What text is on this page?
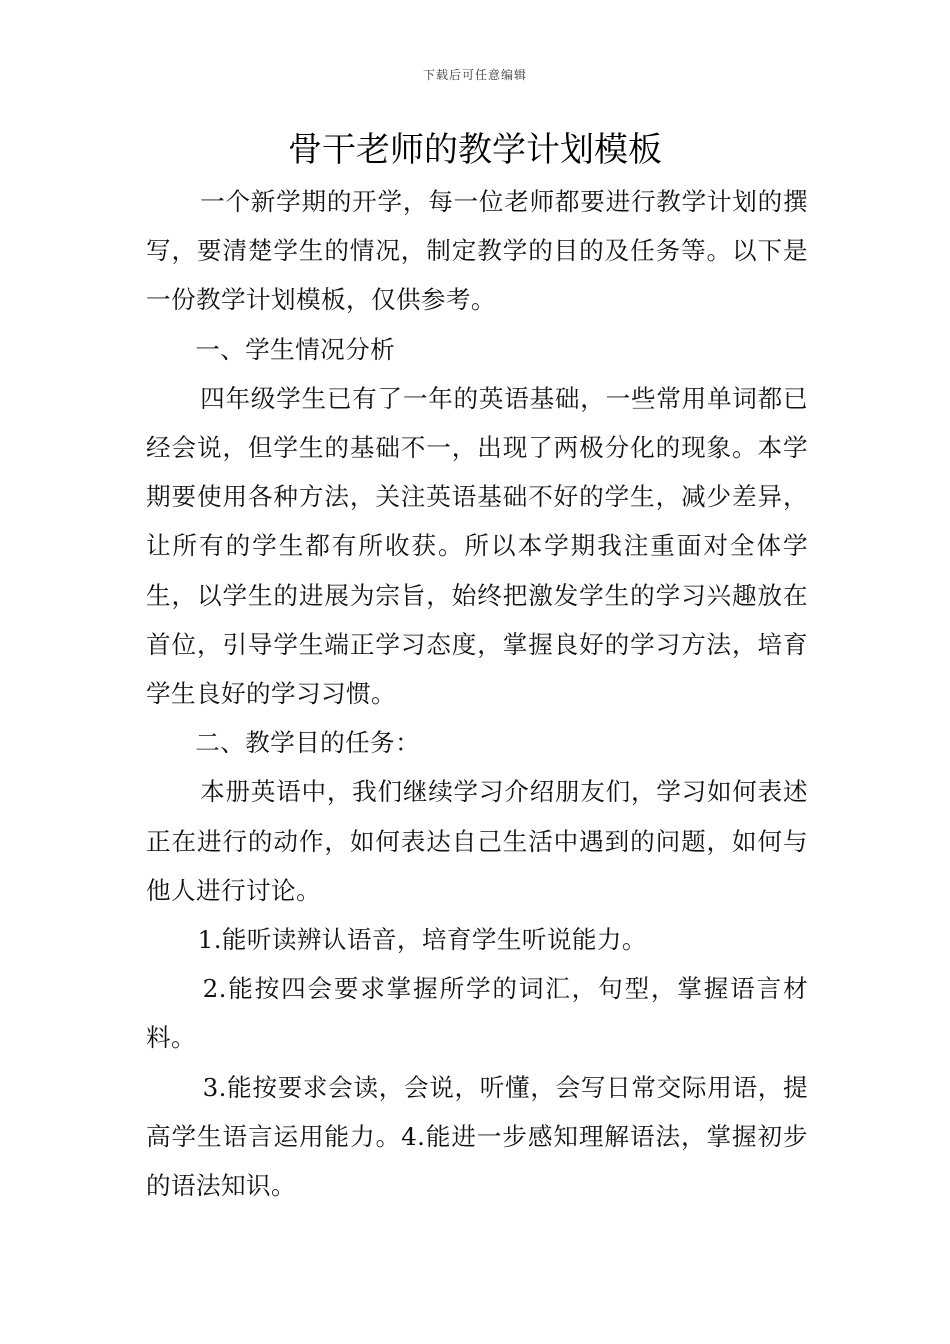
下载后可任意编辑
骨干老师的教学计划模板

一个新学期的开学，每一位老师都要进行教学计划的撰写，要清楚学生的情况，制定教学的目的及任务等。以下是一份教学计划模板，仅供参考。

一、学生情况分析

四年级学生已有了一年的英语基础，一些常用单词都已经会说，但学生的基础不一，出现了两极分化的现象。本学期要使用各种方法，关注英语基础不好的学生，减少差异，让所有的学生都有所收获。所以本学期我注重面对全体学生，以学生的进展为宗旨，始终把激发学生的学习兴趣放在首位，引导学生端正学习态度，掌握良好的学习方法，培育学生良好的学习习惯。

二、教学目的任务：

本册英语中，我们继续学习介绍朋友们，学习如何表述正在进行的动作，如何表达自己生活中遇到的问题，如何与他人进行讨论。

1.能听读辨认语音，培育学生听说能力。

2.能按四会要求掌握所学的词汇，句型，掌握语言材料。

3.能按要求会读，会说，听懂，会写日常交际用语，提高学生语言运用能力。4.能进一步感知理解语法，掌握初步的语法知识。
